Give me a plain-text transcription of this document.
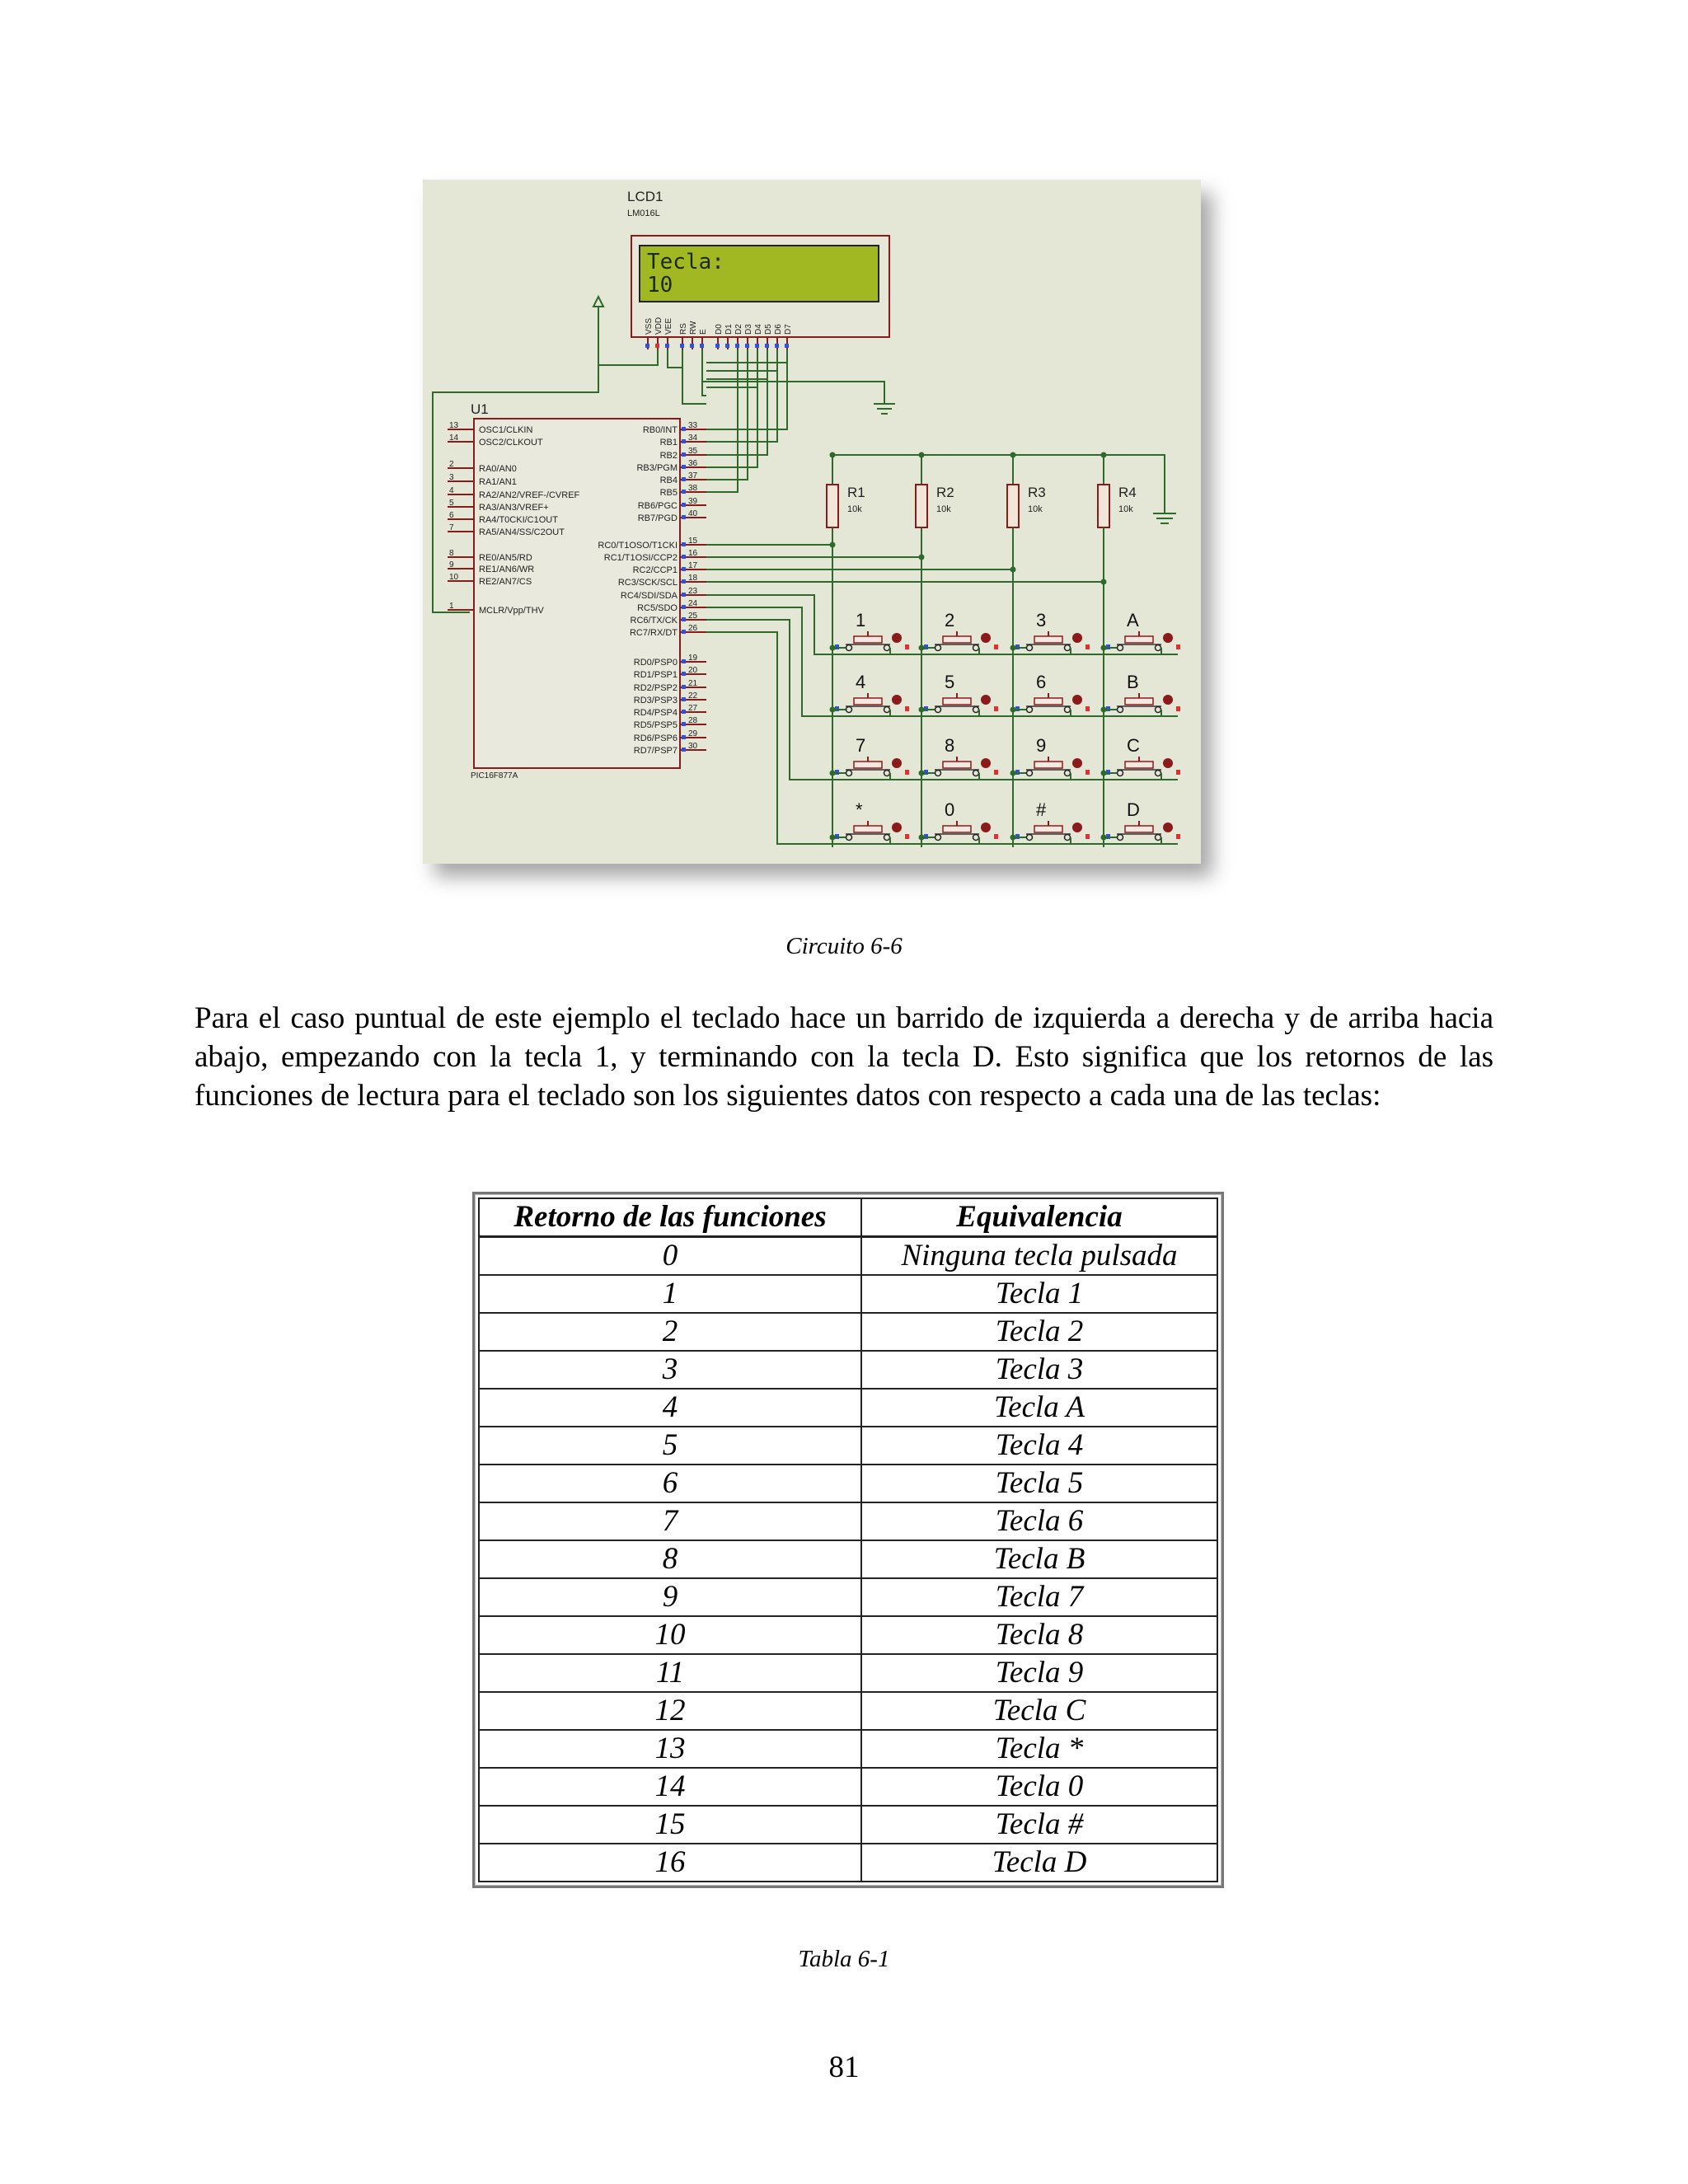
LCD1
LM016L
Tecla:
10
VSS VDD VEE RS RW E D0 D1 D2 D3 D4 D5 D6 D7
U1
PIC16F877A
13 OSC1/CLKIN
14 OSC2/CLKOUT
2	RA0/AN0
3	RA1/AN1
4	RA2/AN2/VREF-/CVREF
5	RA3/AN3/VREF+
6	RA4/T0CKI/C1OUT
7	RA5/AN4/SS/C2OUT
8	RE0/AN5/RD
9	RE1/AN6/WR
10 RE2/AN7/CS
1	MCLR/Vpp/THV
33
RB0/INT
34
RB1
35
RB2
36
RB3/PGM
37
RB4
38
RB5
39
RB6/PGC
40
RB7/PGD
15
RC0/T1OSO/T1CKI
16
RC1/T1OSI/CCP2
17
RC2/CCP1
18
RC3/SCK/SCL
23
RC4/SDI/SDA
24
RC5/SDO
25
RC6/TX/CK
26
RC7/RX/DT
19
RD0/PSP0
20
RD1/PSP1
21
RD2/PSP2
22
RD3/PSP3
27
RD4/PSP4
28
RD5/PSP5
29
RD6/PSP6
30
RD7/PSP7
R1
10k
R2
10k
R3
10k
R4
10k
1	2	3	A
4	5	6	B
7	8	9	C
*	0	#	D
Circuito 6-6

Para el caso puntual de este ejemplo el teclado hace un barrido de izquierda a derecha y de arriba hacia abajo, empezando con la tecla 1, y terminando con la tecla D. Esto significa que los retornos de las funciones de lectura para el teclado son los siguientes datos con respecto a cada una de las teclas:

Retorno de las funciones	Equivalencia
0	Ninguna tecla pulsada
1	Tecla 1
2	Tecla 2
3	Tecla 3
4	Tecla A
5	Tecla 4
6	Tecla 5
7	Tecla 6
8	Tecla B
9	Tecla 7
10	Tecla 8
11	Tecla 9
12	Tecla C
13	Tecla *
14	Tecla 0
15	Tecla #
16	Tecla D
Tabla 6-1
81
